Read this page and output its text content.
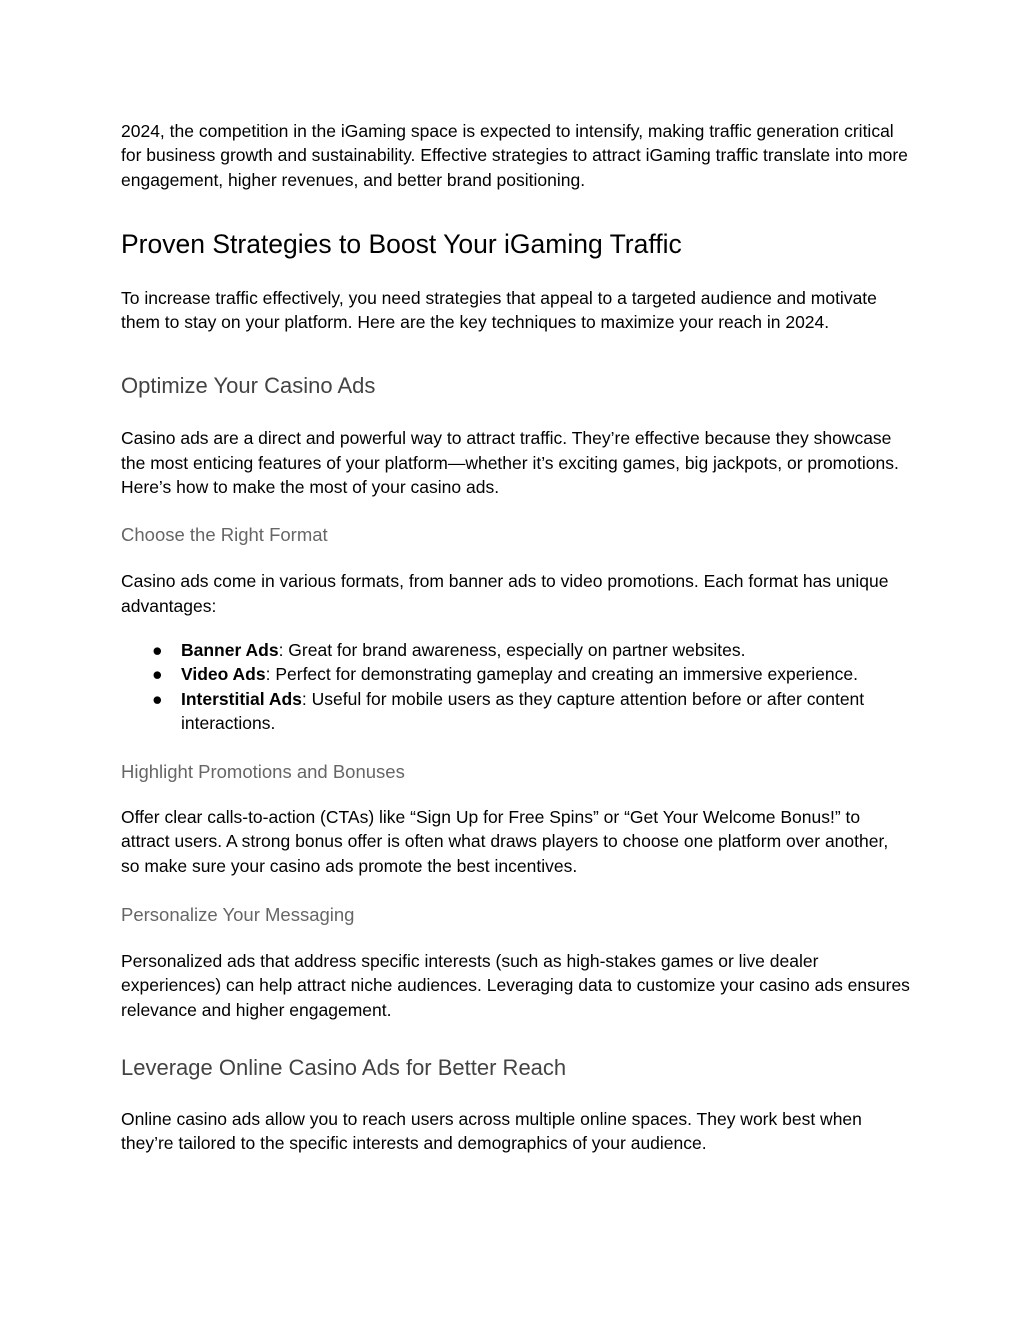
2024, the competition in the iGaming space is expected to intensify, making traffic generation critical for business growth and sustainability. Effective strategies to attract iGaming traffic translate into more engagement, higher revenues, and better brand positioning.

Proven Strategies to Boost Your iGaming Traffic

To increase traffic effectively, you need strategies that appeal to a targeted audience and motivate them to stay on your platform. Here are the key techniques to maximize your reach in 2024.

Optimize Your Casino Ads

Casino ads are a direct and powerful way to attract traffic. They’re effective because they showcase the most enticing features of your platform—whether it’s exciting games, big jackpots, or promotions. Here’s how to make the most of your casino ads.

Choose the Right Format

Casino ads come in various formats, from banner ads to video promotions. Each format has unique advantages:

● Banner Ads: Great for brand awareness, especially on partner websites.
● Video Ads: Perfect for demonstrating gameplay and creating an immersive experience.
● Interstitial Ads: Useful for mobile users as they capture attention before or after content interactions.
Highlight Promotions and Bonuses

Offer clear calls-to-action (CTAs) like “Sign Up for Free Spins” or “Get Your Welcome Bonus!” to attract users. A strong bonus offer is often what draws players to choose one platform over another, so make sure your casino ads promote the best incentives.

Personalize Your Messaging

Personalized ads that address specific interests (such as high-stakes games or live dealer experiences) can help attract niche audiences. Leveraging data to customize your casino ads ensures relevance and higher engagement.

Leverage Online Casino Ads for Better Reach

Online casino ads allow you to reach users across multiple online spaces. They work best when they’re tailored to the specific interests and demographics of your audience.
